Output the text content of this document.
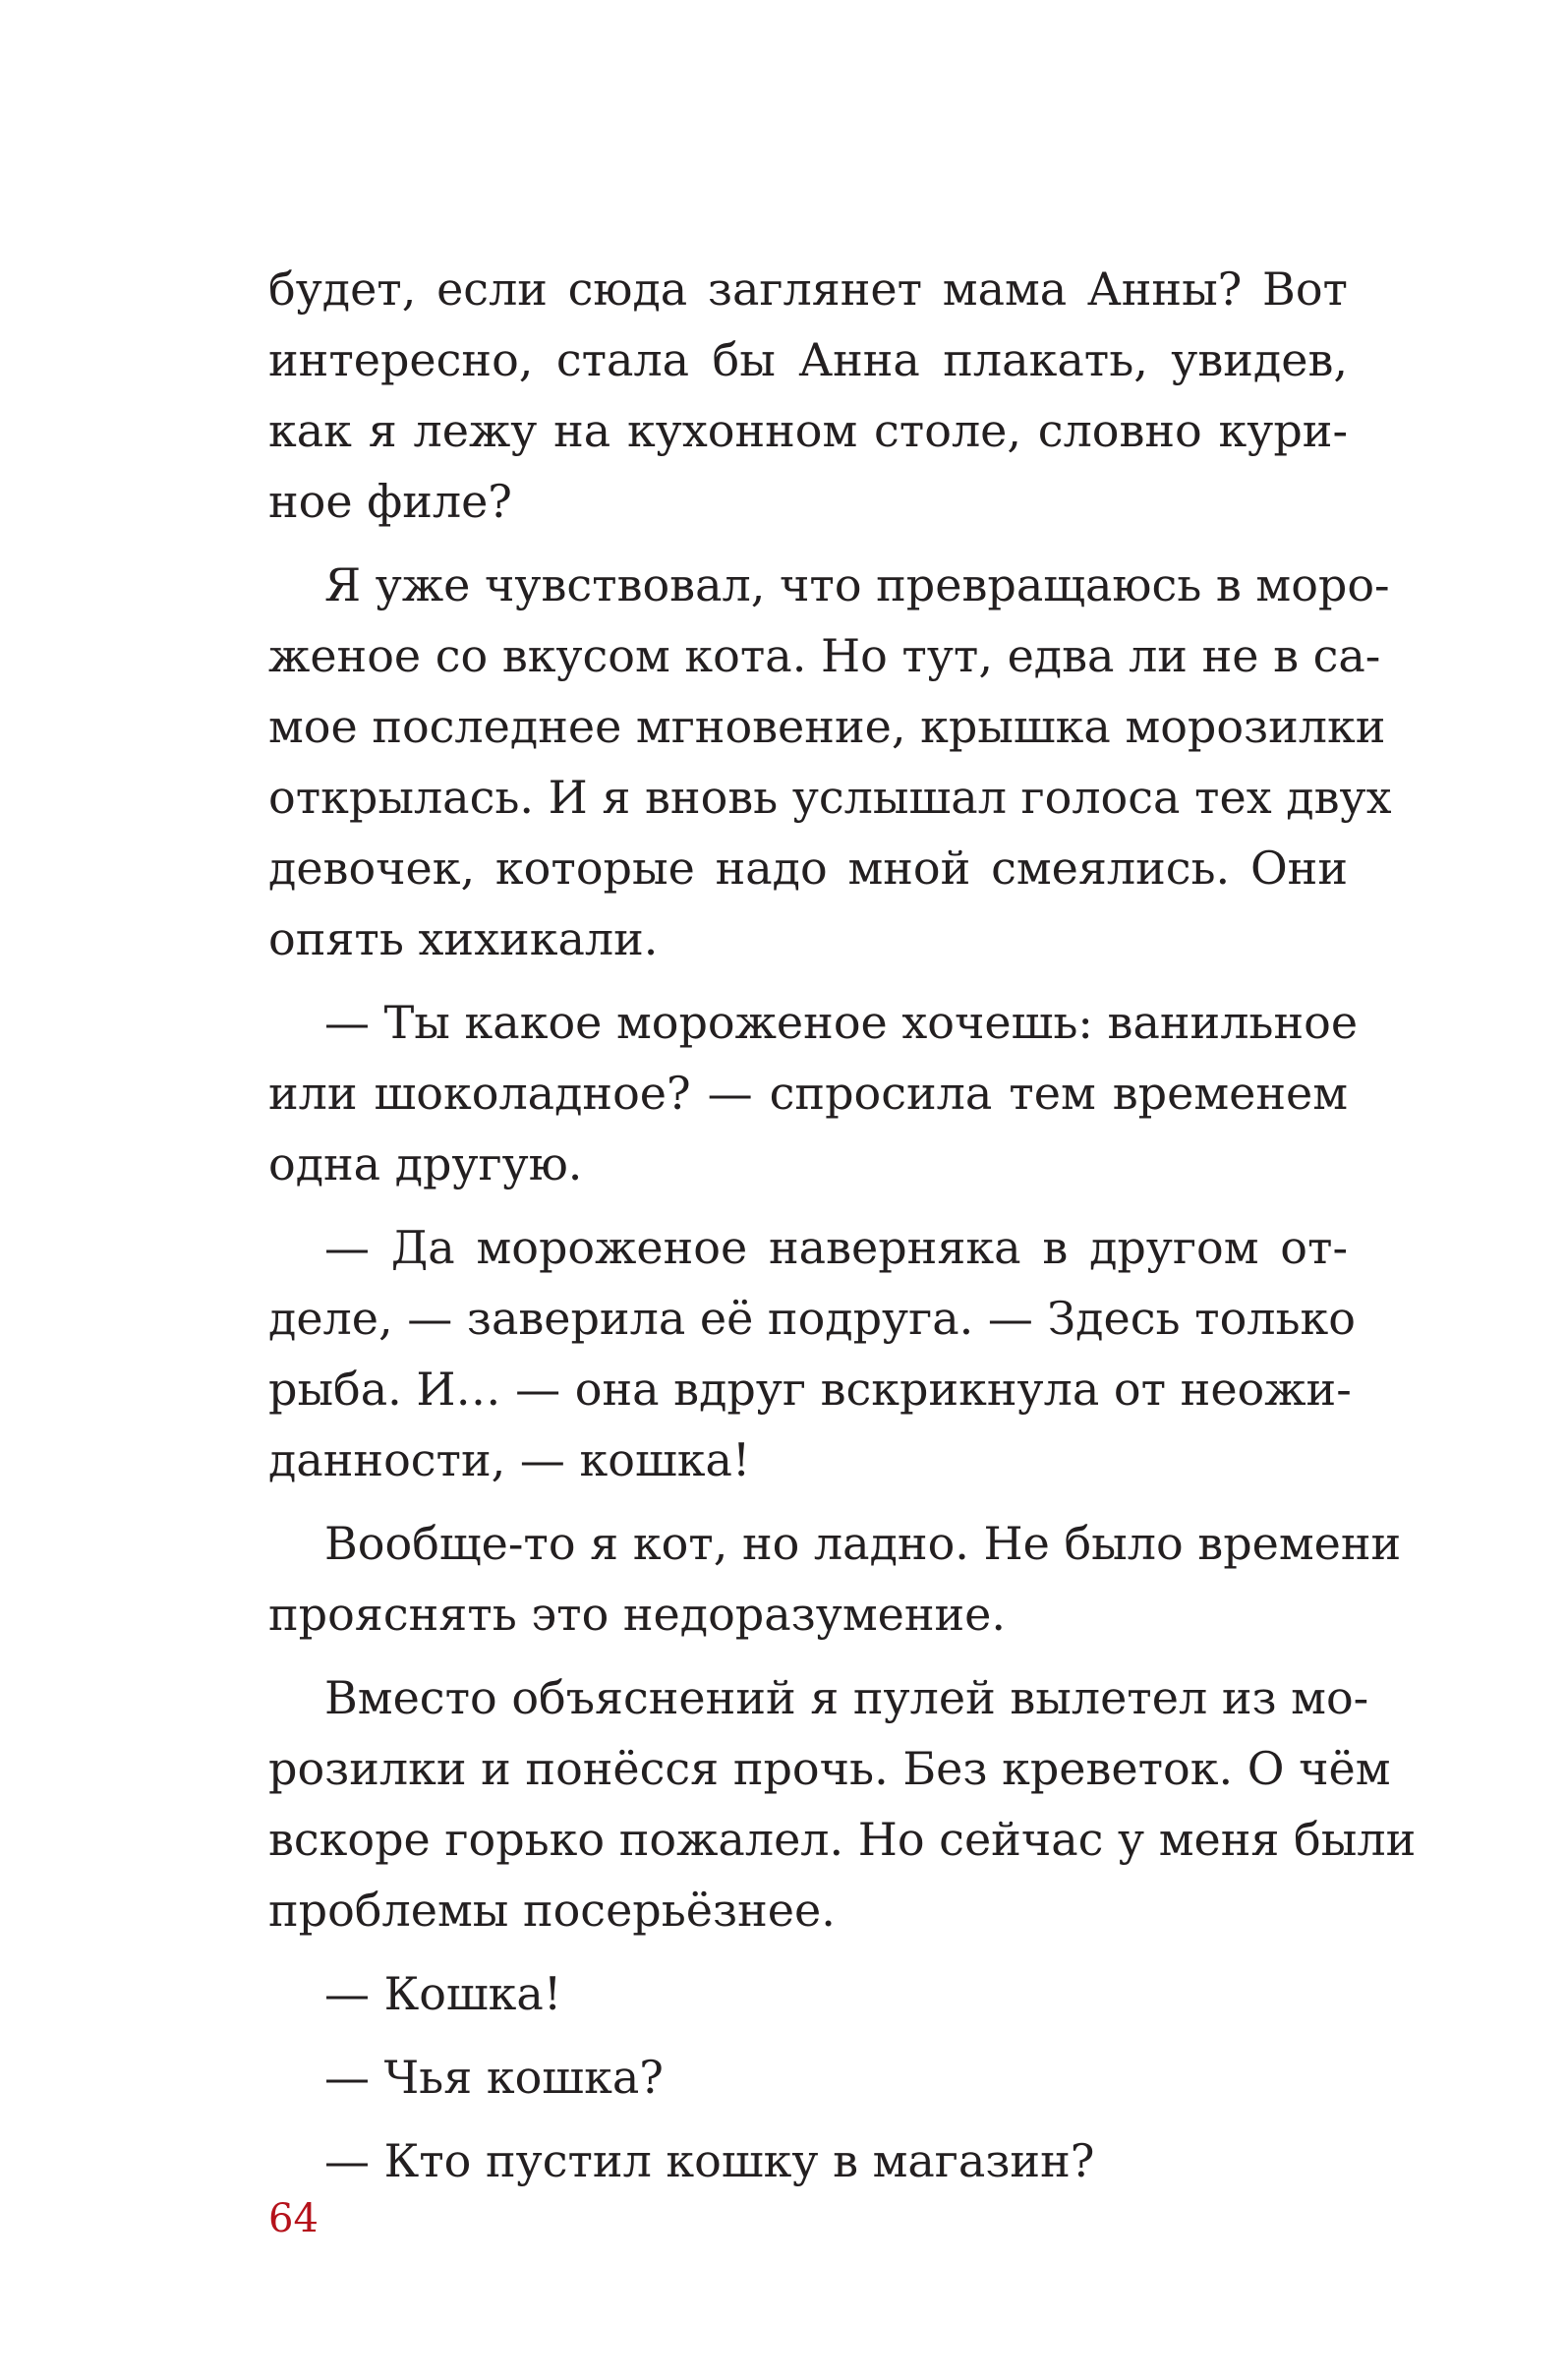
будет, если сюда заглянет мама Анны? Вот
интересно, стала бы Анна плакать, увидев,
как я лежу на кухонном столе, словно кури-
ное филе?
Я уже чувствовал, что превращаюсь в моро-
женое со вкусом кота. Но тут, едва ли не в са-
мое последнее мгновение, крышка морозилки
открылась. И я вновь услышал голоса тех двух
девочек, которые надо мной смеялись. Они
опять хихикали.
— Ты какое мороженое хочешь: ванильное
или шоколадное? — спросила тем временем
одна другую.
— Да мороженое наверняка в другом от-
деле, — заверила её подруга. — Здесь только
рыба. И… — она вдруг вскрикнула от неожи-
данности, — кошка!
Вообще-то я кот, но ладно. Не было времени
прояснять это недоразумение.
Вместо объяснений я пулей вылетел из мо-
розилки и понёсся прочь. Без креветок. О чём
вскоре горько пожалел. Но сейчас у меня были
проблемы посерьёзнее.
— Кошка!
— Чья кошка?
— Кто пустил кошку в магазин?
64
